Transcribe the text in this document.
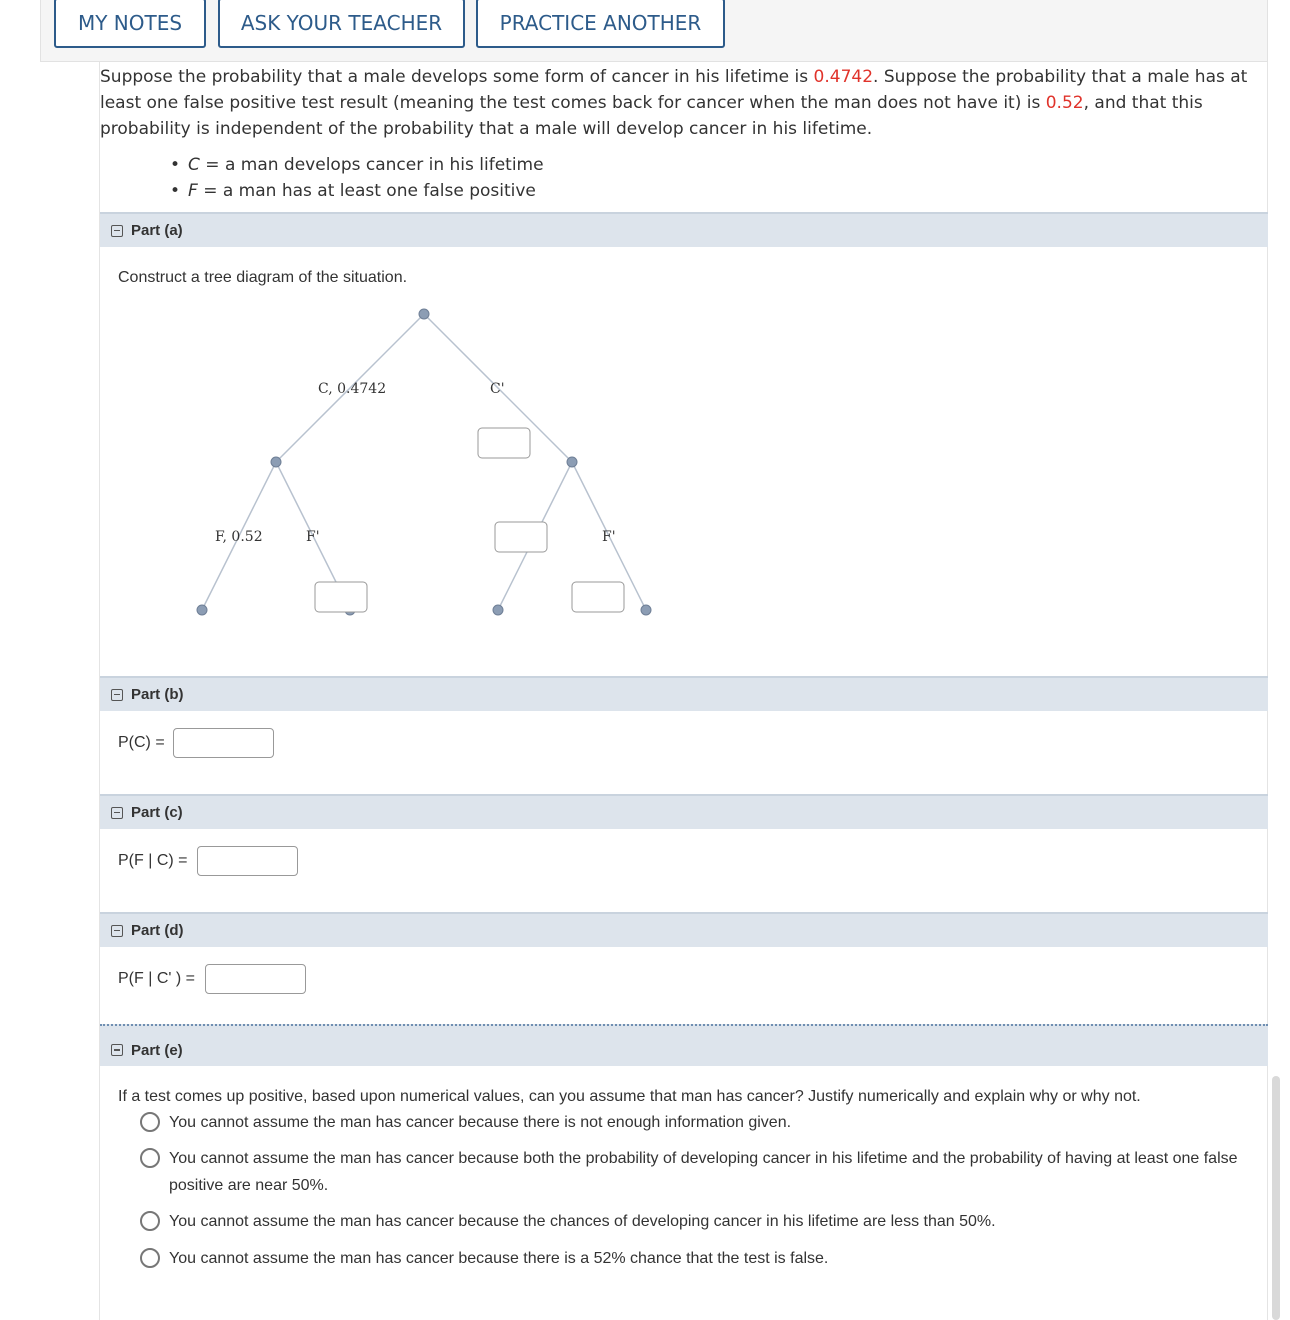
MY NOTES	ASK YOUR TEACHER	PRACTICE ANOTHER
Suppose the probability that a male develops some form of cancer in his lifetime is 0.4742. Suppose the probability that a male has at least one false positive test result (meaning the test comes back for cancer when the man does not have it) is 0.52, and that this probability is independent of the probability that a male will develop cancer in his lifetime.
• C = a man develops cancer in his lifetime
• F = a man has at least one false positive
Part (a)
Construct a tree diagram of the situation.
C, 0.4742	C'
F, 0.52	F'	F'
Part (b)
P(C) =
Part (c)
P(F | C) =
Part (d)
P(F | C' ) =
Part (e)
If a test comes up positive, based upon numerical values, can you assume that man has cancer? Justify numerically and explain why or why not.
You cannot assume the man has cancer because there is not enough information given.
You cannot assume the man has cancer because both the probability of developing cancer in his lifetime and the probability of having at least one false positive are near 50%.
You cannot assume the man has cancer because the chances of developing cancer in his lifetime are less than 50%.
You cannot assume the man has cancer because there is a 52% chance that the test is false.
